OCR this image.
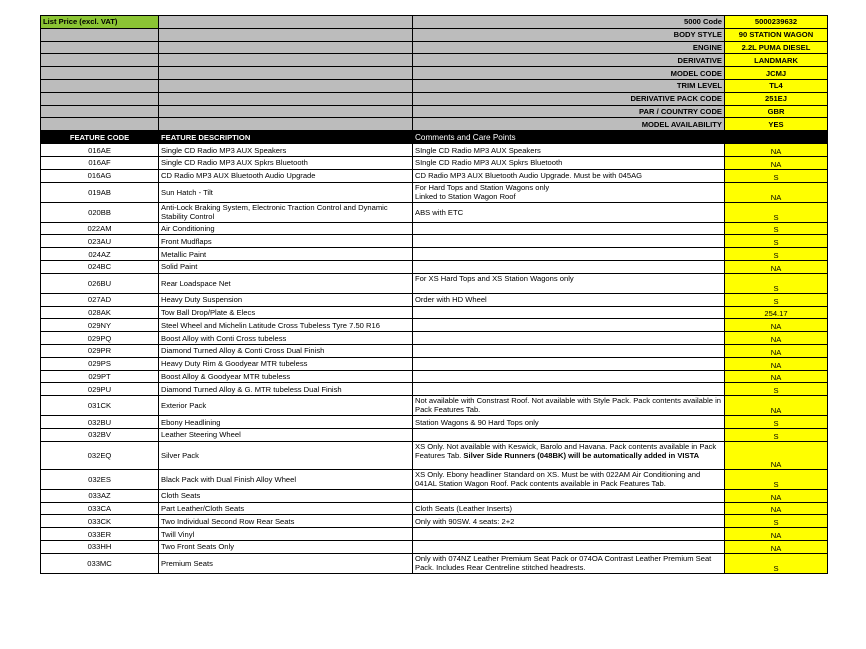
List Price (excl. VAT)		5000 Code	5000239632
		BODY STYLE	90 STATION WAGON
		ENGINE	2.2L PUMA DIESEL
		DERIVATIVE	LANDMARK
		MODEL CODE	JCMJ
		TRIM LEVEL	TL4
		DERIVATIVE PACK CODE	251EJ
		PAR / COUNTRY CODE	GBR
		MODEL AVAILABILITY	YES
FEATURE CODE	FEATURE DESCRIPTION	Comments and Care Points	
016AE	Single CD Radio MP3 AUX Speakers	SIngle CD Radio MP3 AUX Speakers	NA
016AF	Single CD Radio MP3 AUX Spkrs Bluetooth	SIngle CD Radio MP3 AUX Spkrs Bluetooth	NA
016AG	CD Radio MP3 AUX Bluetooth Audio Upgrade	CD Radio MP3 AUX Bluetooth Audio Upgrade. Must be with 045AG	S
019AB	Sun Hatch - Tilt	For Hard Tops and Station Wagons only
Linked to Station Wagon Roof	NA
020BB	Anti-Lock Braking System, Electronic Traction Control and Dynamic Stability Control	ABS with ETC	S
022AM	Air Conditioning		S
023AU	Front Mudflaps		S
024AZ	Metallic Paint		S
024BC	Solid Paint		NA
026BU	Rear Loadspace Net	For XS Hard Tops and XS Station Wagons only	S
027AD	Heavy Duty Suspension	Order with HD Wheel	S
028AK	Tow Ball Drop/Plate & Elecs		254.17
029NY	Steel Wheel and Michelin Latitude Cross Tubeless Tyre 7.50 R16		NA
029PQ	Boost Alloy with Conti Cross tubeless		NA
029PR	Diamond Turned Alloy & Conti Cross Dual Finish		NA
029PS	Heavy Duty Rim & Goodyear MTR tubeless		NA
029PT	Boost Alloy & Goodyear MTR tubeless		NA
029PU	Diamond Turned Alloy & G. MTR tubeless Dual Finish		S
031CK	Exterior Pack	Not available with Constrast Roof. Not available with Style Pack. Pack contents available in Pack Features Tab.	NA
032BU	Ebony Headlining	Station Wagons & 90 Hard Tops only	S
032BV	Leather Steering Wheel		S
032EQ	Silver Pack	XS Only. Not available with Keswick, Barolo and Havana. Pack contents available in Pack Features Tab. Silver Side Runners (048BK) will be automatically added in VISTA	NA
032ES	Black Pack with Dual Finish Alloy Wheel	XS Only. Ebony headliner Standard on XS. Must be with 022AM Air Conditioning and 041AL Station Wagon Roof. Pack contents available in Pack Features Tab.	S
033AZ	Cloth Seats		NA
033CA	Part Leather/Cloth Seats	Cloth Seats (Leather Inserts)	NA
033CK	Two Individual Second Row Rear Seats	Only with 90SW. 4 seats: 2+2	S
033ER	Twill Vinyl		NA
033HH	Two Front Seats Only		NA
033MC	Premium Seats	Only with 074NZ Leather Premium Seat Pack or 074OA Contrast Leather Premium Seat Pack. Includes Rear Centreline stitched headrests.	S
